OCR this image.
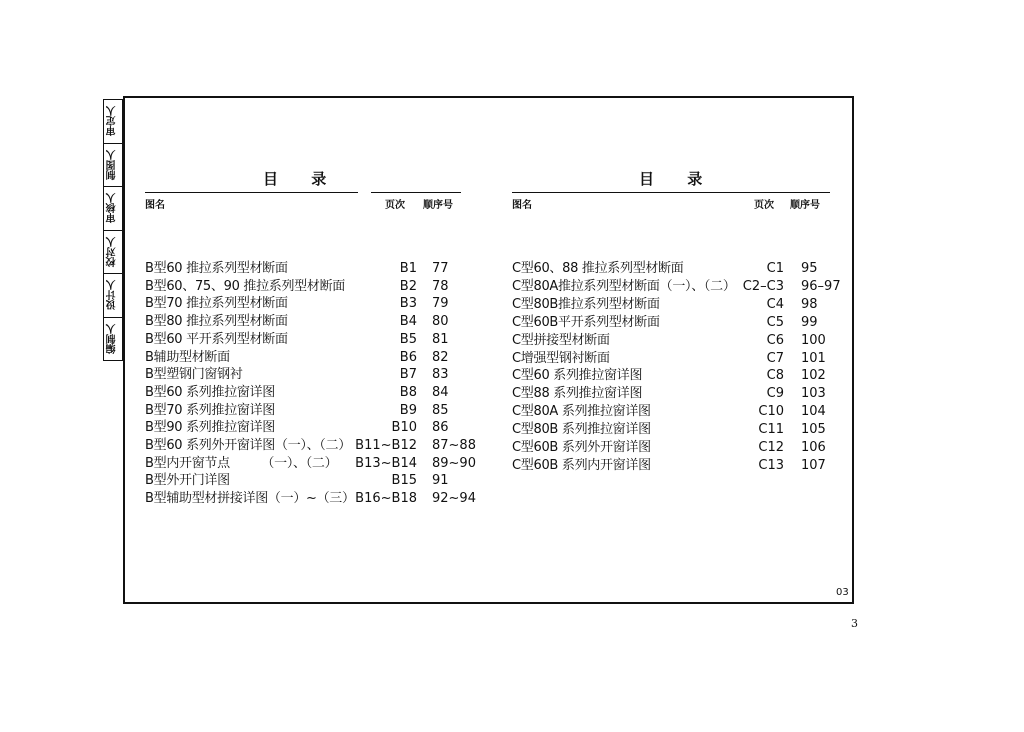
审定人
制图人
审核人
校对人
设计人
编制人
目 录
图名	页次 顺序号
B型60 推拉系列型材断面	B1 77
B型60、75、90 推拉系列型材断面	B2 78
B型70 推拉系列型材断面	B3 79
B型80 推拉系列型材断面	B4 80
B型60 平开系列型材断面	B5 81
B辅助型材断面	B6 82
B型塑钢门窗钢衬	B7 83
B型60 系列推拉窗详图	B8 84
B型70 系列推拉窗详图	B9 85
B型90 系列推拉窗详图	B10 86
B型60 系列外开窗详图（一）、（二） B11~B12 87~88
B型内开窗节点　　　（一）、（二） B13~B14 89~90
B型外开门详图	B15 91
B型辅助型材拼接详图（一）~（三） B16~B18 92~94
目 录
图名	页次 顺序号
C型60、88 推拉系列型材断面	C1 95
C型80A推拉系列型材断面（一）、（二） C2–C3 96–97
C型80B推拉系列型材断面	C4 98
C型60B平开系列型材断面	C5 99
C型拼接型材断面	C6 100
C增强型钢衬断面	C7 101
C型60 系列推拉窗详图	C8 102
C型88 系列推拉窗详图	C9 103
C型80A 系列推拉窗详图	C10 104
C型80B 系列推拉窗详图	C11 105
C型60B 系列外开窗详图	C12 106
C型60B 系列内开窗详图	C13 107
03
3
